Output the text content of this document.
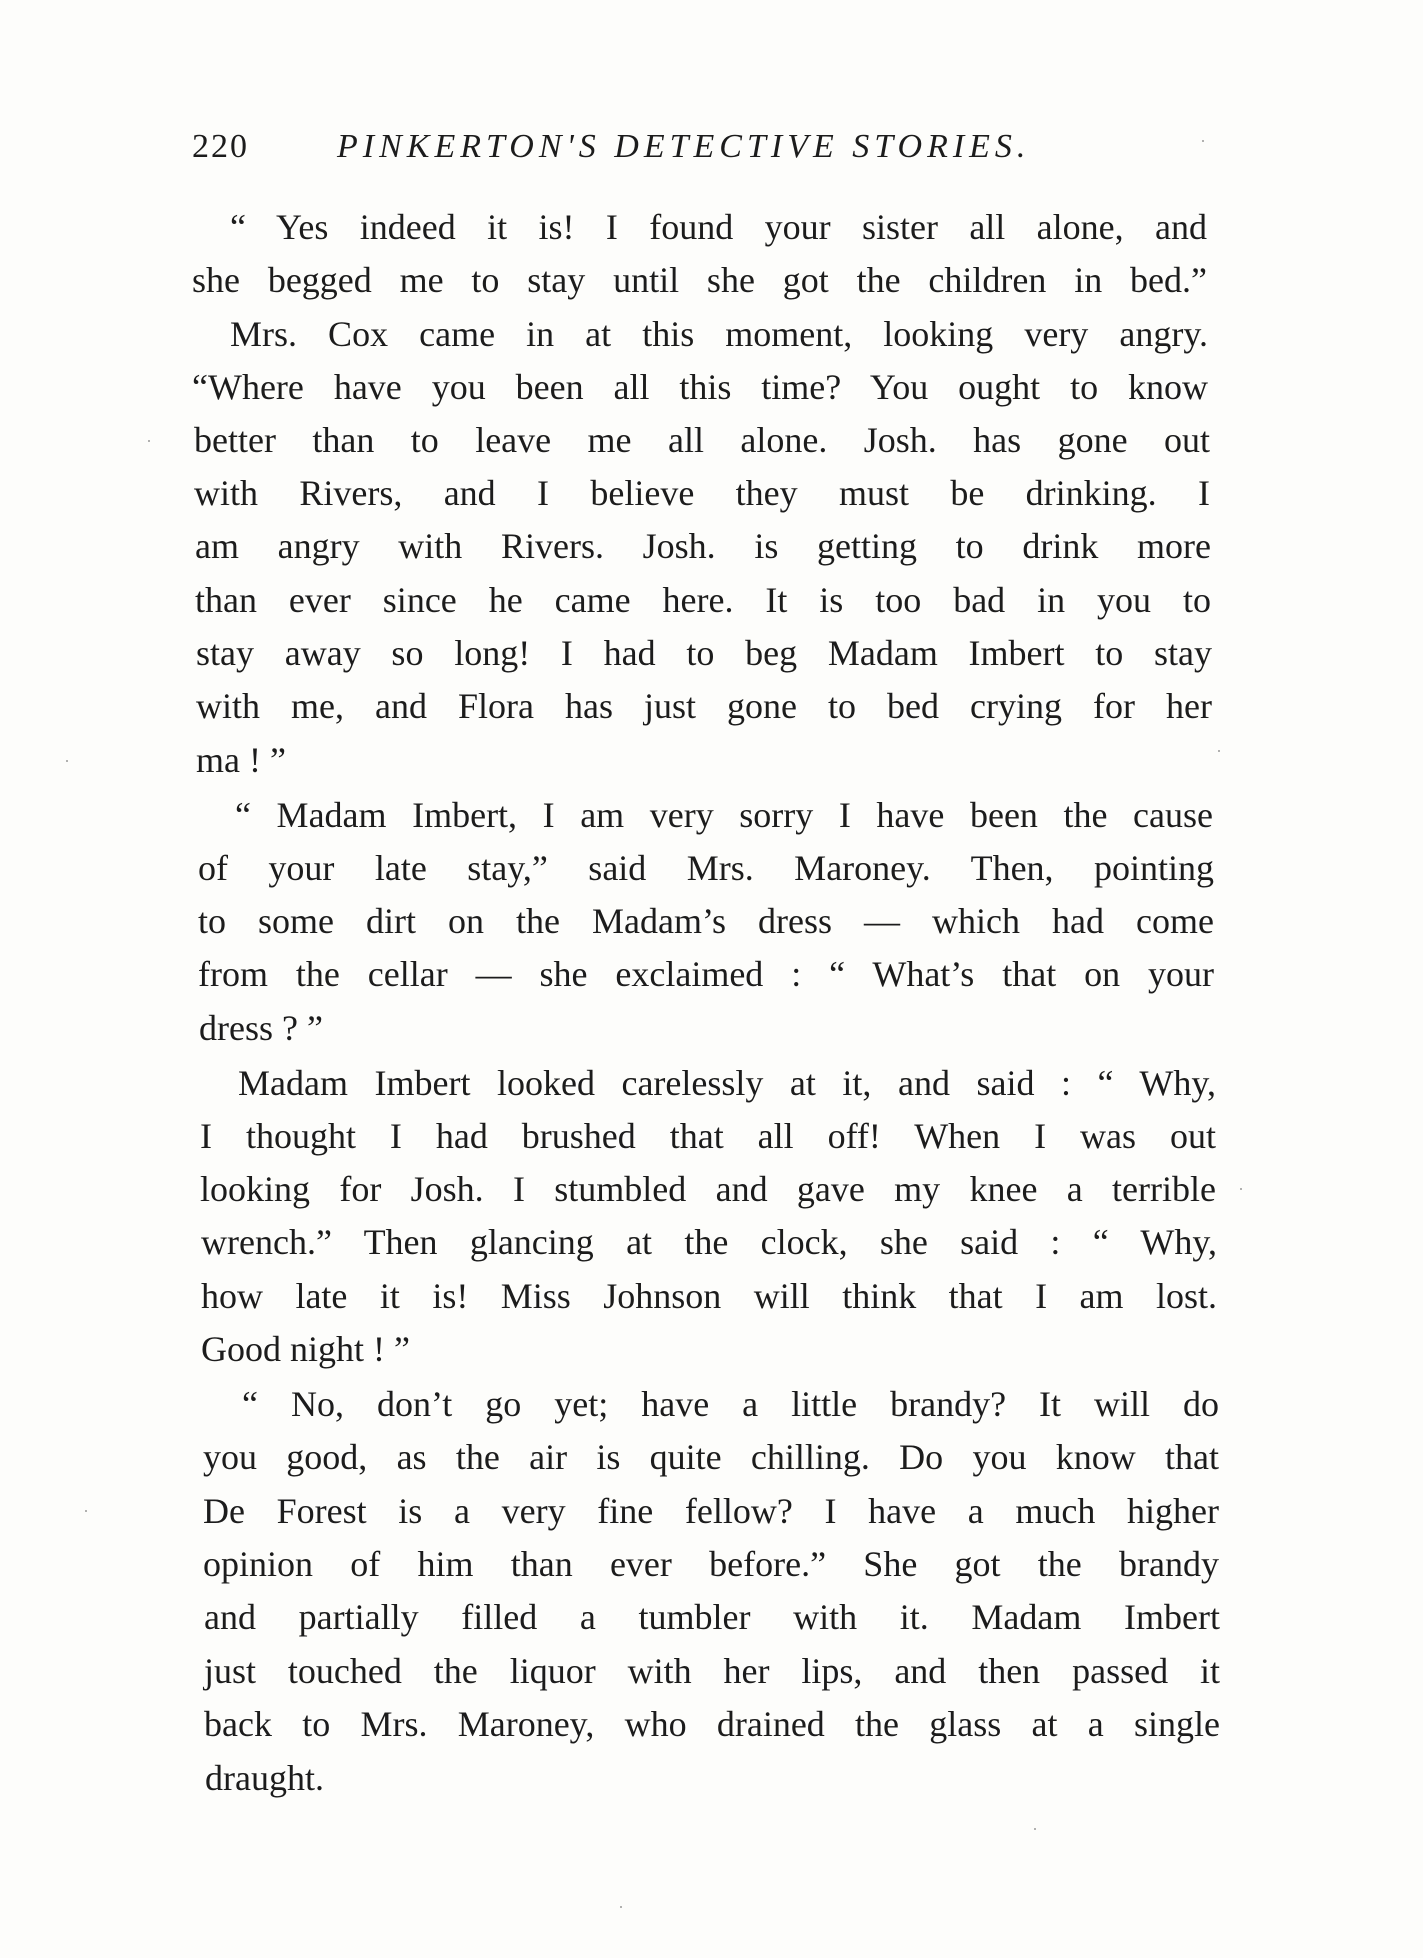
220	PINKERTON'S DETECTIVE STORIES.
“ Yes indeed it is! I found your sister all alone, and
she begged me to stay until she got the children in bed.”
Mrs. Cox came in at this moment, looking very angry.
“Where have you been all this time? You ought to know
better than to leave me all alone. Josh. has gone out
with Rivers, and I believe they must be drinking. I
am angry with Rivers. Josh. is getting to drink more
than ever since he came here. It is too bad in you to
stay away so long! I had to beg Madam Imbert to stay
with me, and Flora has just gone to bed crying for her
ma ! ”
“ Madam Imbert, I am very sorry I have been the cause
of your late stay,” said Mrs. Maroney. Then, pointing
to some dirt on the Madam’s dress — which had come
from the cellar — she exclaimed : “ What’s that on your
dress ? ”
Madam Imbert looked carelessly at it, and said : “ Why,
I thought I had brushed that all off! When I was out
looking for Josh. I stumbled and gave my knee a terrible
wrench.” Then glancing at the clock, she said : “ Why,
how late it is! Miss Johnson will think that I am lost.
Good night ! ”
“ No, don’t go yet; have a little brandy? It will do
you good, as the air is quite chilling. Do you know that
De Forest is a very fine fellow? I have a much higher
opinion of him than ever before.” She got the brandy
and partially filled a tumbler with it. Madam Imbert
just touched the liquor with her lips, and then passed it
back to Mrs. Maroney, who drained the glass at a single
draught.
